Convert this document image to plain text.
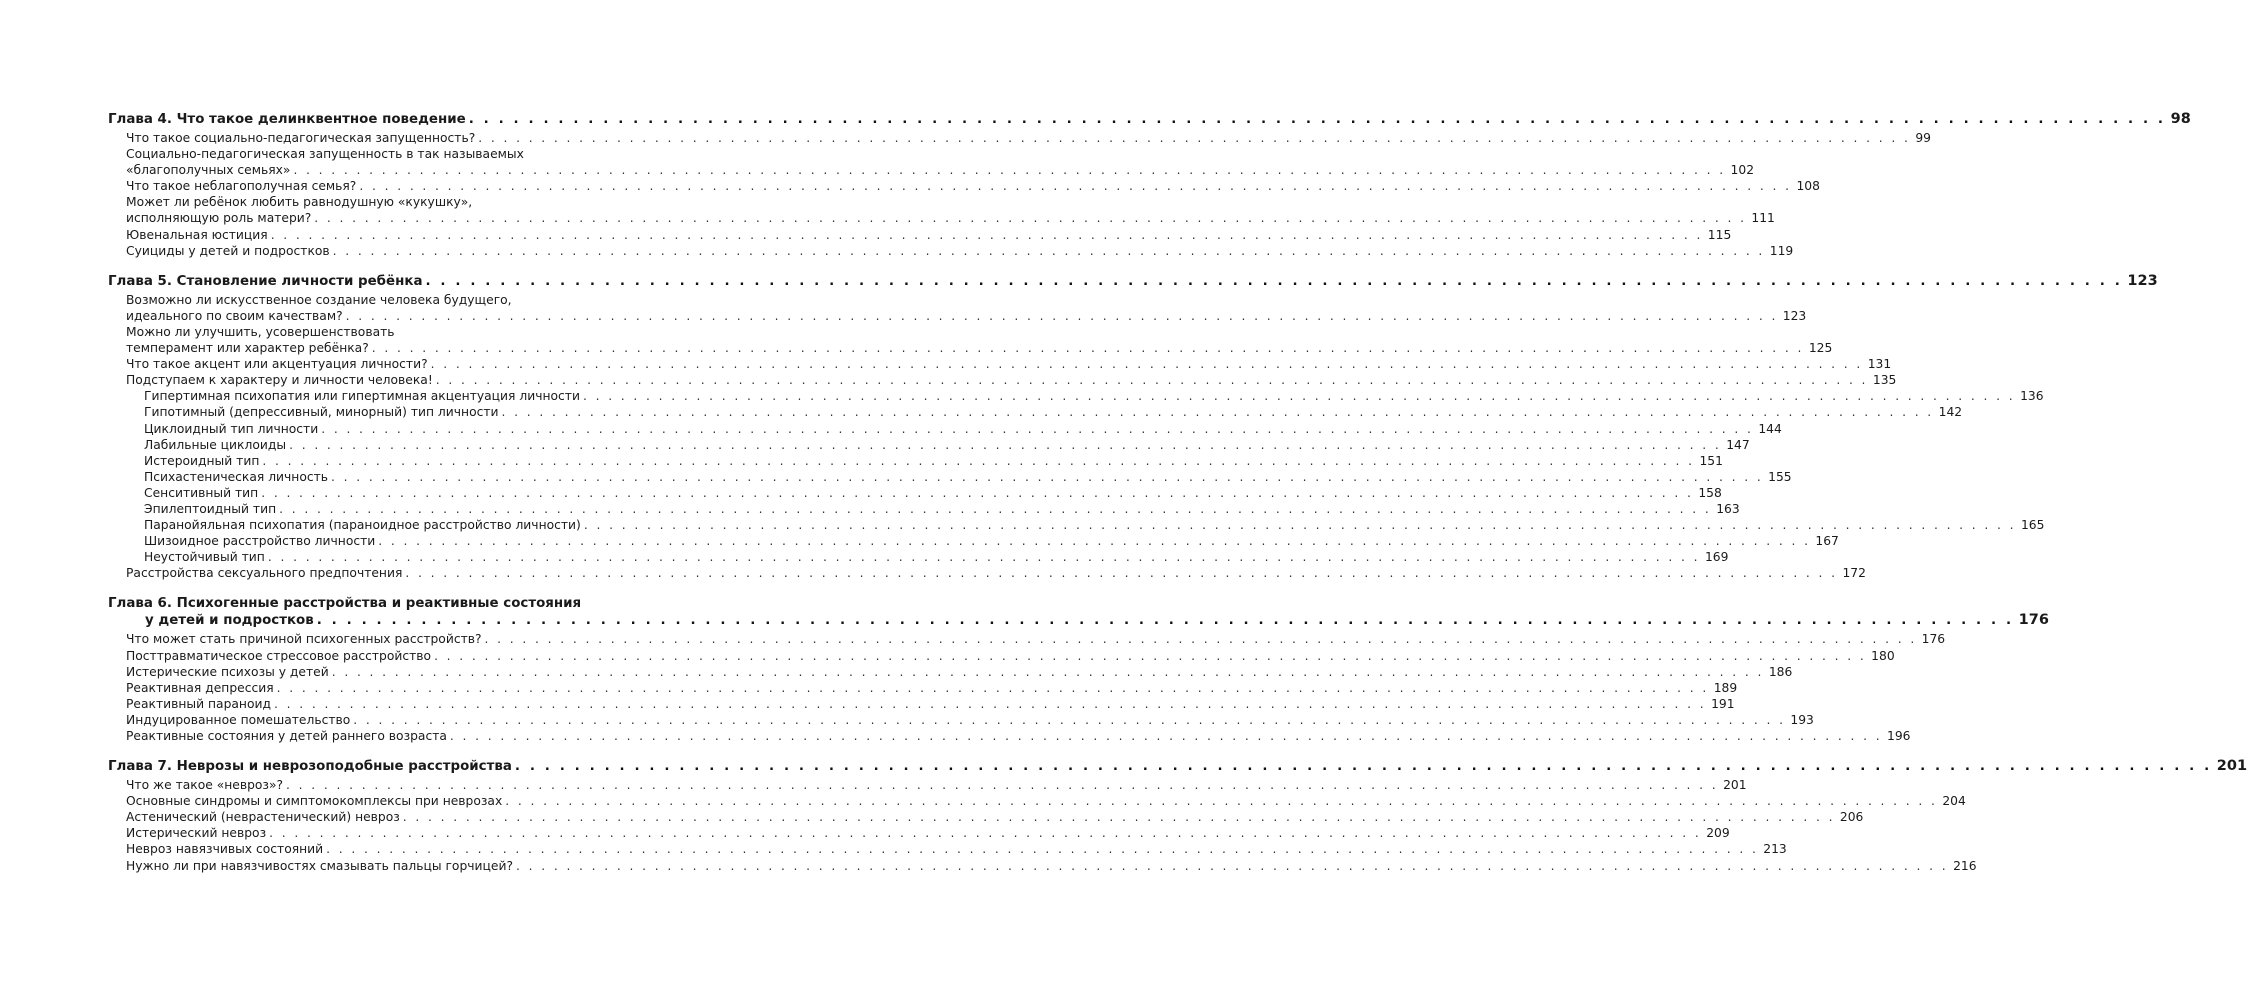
Глава 4. Что такое делинквентное поведение . . .	98
Что такое социально-педагогическая запущенность? . . .	99
Социально-педагогическая запущенность в так называемых
«благополучных семьях» . . .	102
Что такое неблагополучная семья? . . .	108
Может ли ребёнок любить равнодушную «кукушку»,
исполняющую роль матери? . . .	111
Ювенальная юстиция . . .	115
Суициды у детей и подростков . . .	119
Глава 5. Становление личности ребёнка . . .	123
Возможно ли искусственное создание человека будущего,
идеального по своим качествам? . . .	123
Можно ли улучшить, усовершенствовать
темперамент или характер ребёнка? . . .	125
Что такое акцент или акцентуация личности? . . .	131
Подступаем к характеру и личности человека! . . .	135
Гипертимная психопатия или гипертимная акцентуация личности . . .	136
Гипотимный (депрессивный, минорный) тип личности . . .	142
Циклоидный тип личности . . .	144
Лабильные циклоиды . . .	147
Истероидный тип . . .	151
Психастеническая личность . . .	155
Сенситивный тип . . .	158
Эпилептоидный тип . . .	163
Паранойяльная психопатия (параноидное расстройство личности) . . .	165
Шизоидное расстройство личности . . .	167
Неустойчивый тип . . .	169
Расстройства сексуального предпочтения . . .	172
Глава 6. Психогенные расстройства и реактивные состояния
у детей и подростков . . .	176
Что может стать причиной психогенных расстройств? . . .	176
Посттравматическое стрессовое расстройство . . .	180
Истерические психозы у детей . . .	186
Реактивная депрессия . . .	189
Реактивный параноид . . .	191
Индуцированное помешательство . . .	193
Реактивные состояния у детей раннего возраста . . .	196
Глава 7. Неврозы и неврозоподобные расстройства . . .	201
Что же такое «невроз»? . . .	201
Основные синдромы и симптомокомплексы при неврозах . . .	204
Астенический (неврастенический) невроз . . .	206
Истерический невроз . . .	209
Невроз навязчивых состояний . . .	213
Нужно ли при навязчивостях смазывать пальцы горчицей? . . .	216
